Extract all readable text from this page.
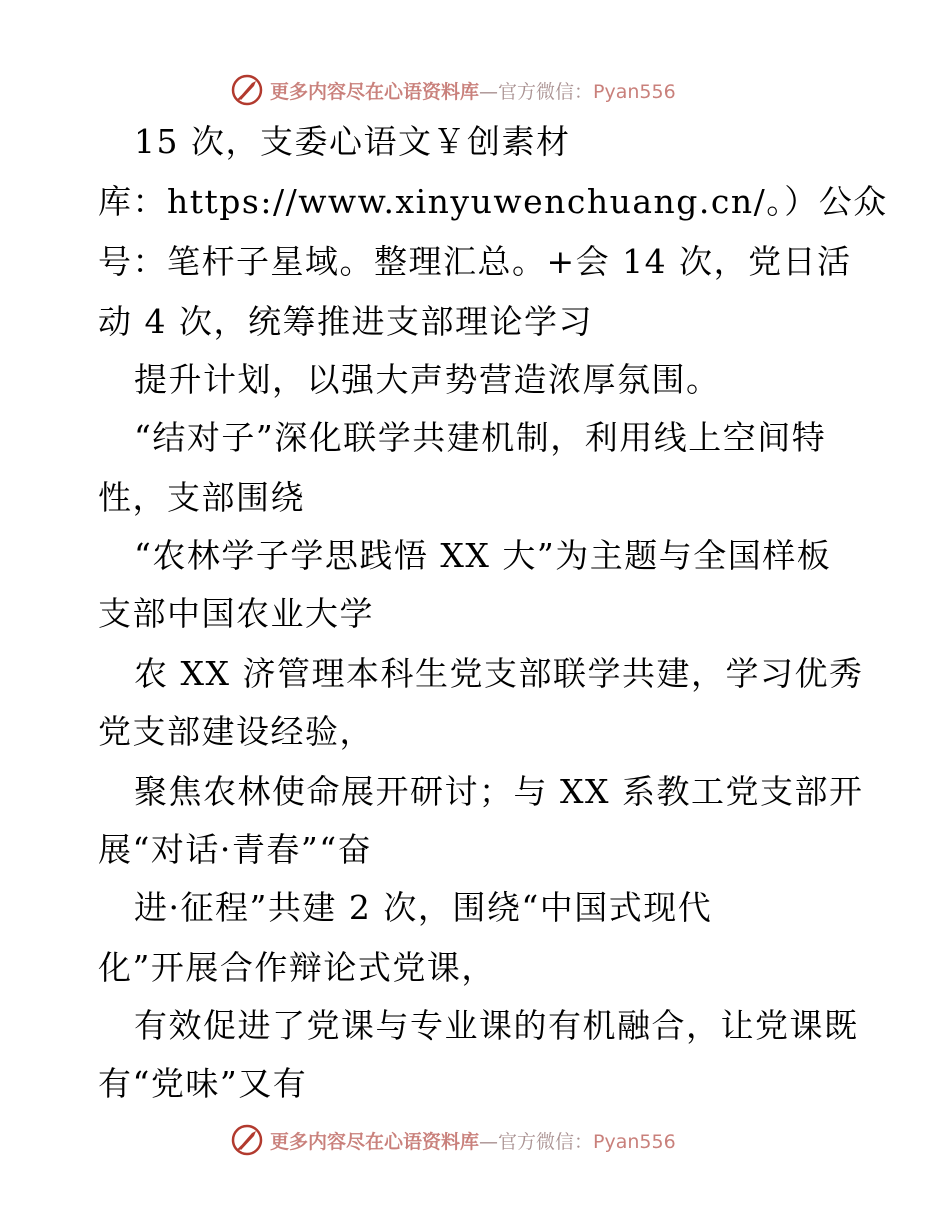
更多内容尽在心语资料库—官方微信：Pyan556
15 次，支委心语文￥创素材
库：https://www.xinyuwenchuang.cn/。）公众
号：笔杆子星域。整理汇总。+会 14 次，党日活
动 4 次，统筹推进支部理论学习
提升计划，以强大声势营造浓厚氛围。
“结对子”深化联学共建机制，利用线上空间特
性，支部围绕
“农林学子学思践悟 XX 大”为主题与全国样板
支部中国农业大学
农 XX 济管理本科生党支部联学共建，学习优秀
党支部建设经验，
聚焦农林使命展开研讨；与 XX 系教工党支部开
展“对话·青春”“奋
进·征程”共建 2 次，围绕“中国式现代
化”开展合作辩论式党课，
有效促进了党课与专业课的有机融合，让党课既
有“党味”又有
更多内容尽在心语资料库—官方微信：Pyan556
